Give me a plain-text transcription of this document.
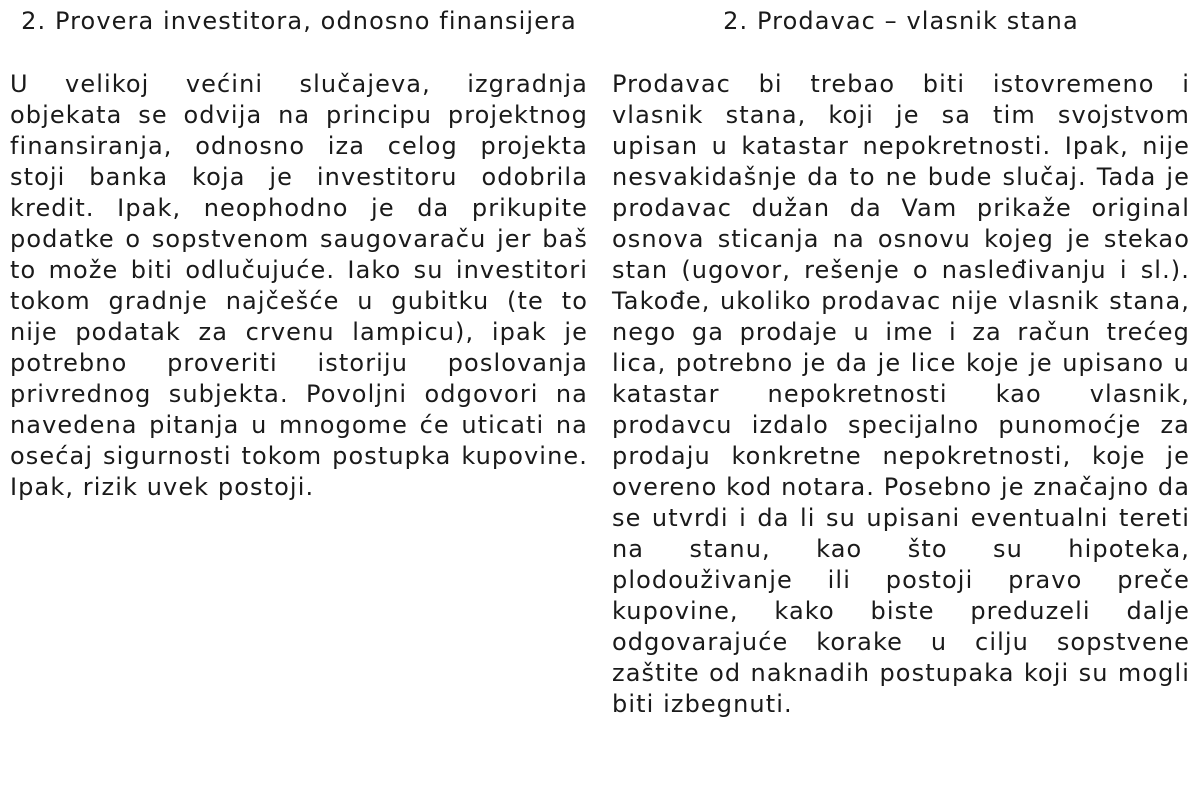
2. Provera investitora, odnosno finansijera

U velikoj većini slučajeva, izgradnja objekata se odvija na principu projektnog finansiranja, odnosno iza celog projekta stoji banka koja je investitoru odobrila kredit. Ipak, neophodno je da prikupite podatke o sopstvenom saugovaraču jer baš to može biti odlučujuće. Iako su investitori tokom gradnje najčešće u gubitku (te to nije podatak za crvenu lampicu), ipak je potrebno proveriti istoriju poslovanja privrednog subjekta. Povoljni odgovori na navedena pitanja u mnogome će uticati na osećaj sigurnosti tokom postupka kupovine. Ipak, rizik uvek postoji.

2. Prodavac – vlasnik stana

Prodavac bi trebao biti istovremeno i vlasnik stana, koji je sa tim svojstvom upisan u katastar nepokretnosti. Ipak, nije nesvakidašnje da to ne bude slučaj. Tada je prodavac dužan da Vam prikaže original osnova sticanja na osnovu kojeg je stekao stan (ugovor, rešenje o nasleđivanju i sl.). Takođe, ukoliko prodavac nije vlasnik stana, nego ga prodaje u ime i za račun trećeg lica, potrebno je da je lice koje je upisano u katastar nepokretnosti kao vlasnik, prodavcu izdalo specijalno punomoćje za prodaju konkretne nepokretnosti, koje je overeno kod notara. Posebno je značajno da se utvrdi i da li su upisani eventualni tereti na stanu, kao što su hipoteka, plodouživanje ili postoji pravo preče kupovine, kako biste preduzeli dalje odgovarajuće korake u cilju sopstvene zaštite od naknadih postupaka koji su mogli biti izbegnuti.
